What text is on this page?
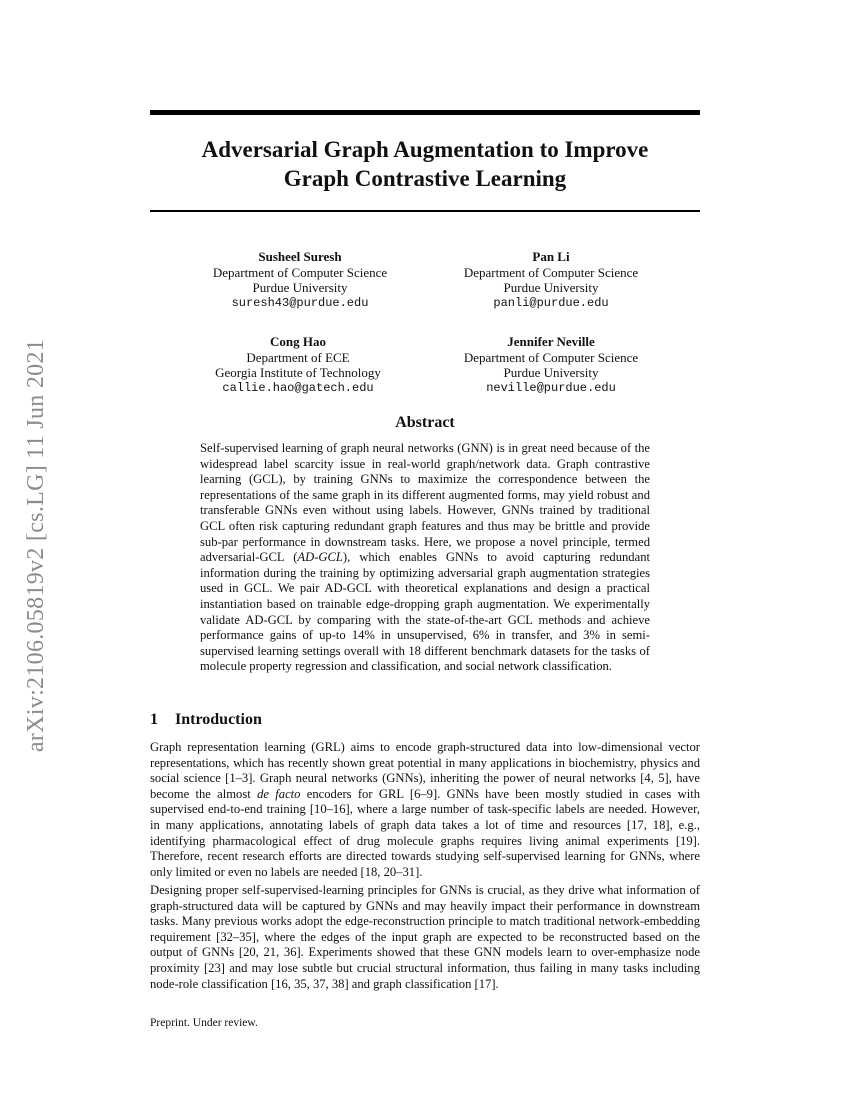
arXiv:2106.05819v2 [cs.LG] 11 Jun 2021
Adversarial Graph Augmentation to Improve
Graph Contrastive Learning
Susheel Suresh
Department of Computer Science
Purdue University
suresh43@purdue.edu
Pan Li
Department of Computer Science
Purdue University
panli@purdue.edu
Cong Hao
Department of ECE
Georgia Institute of Technology
callie.hao@gatech.edu
Jennifer Neville
Department of Computer Science
Purdue University
neville@purdue.edu
Abstract
Self-supervised learning of graph neural networks (GNN) is in great need because of the widespread label scarcity issue in real-world graph/network data. Graph contrastive learning (GCL), by training GNNs to maximize the correspondence between the representations of the same graph in its different augmented forms, may yield robust and transferable GNNs even without using labels. However, GNNs trained by traditional GCL often risk capturing redundant graph features and thus may be brittle and provide sub-par performance in downstream tasks. Here, we propose a novel principle, termed adversarial-GCL (AD-GCL), which enables GNNs to avoid capturing redundant information during the training by optimizing adversarial graph augmentation strategies used in GCL. We pair AD-GCL with theoretical explanations and design a practical instantiation based on trainable edge-dropping graph augmentation. We experimentally validate AD-GCL by comparing with the state-of-the-art GCL methods and achieve performance gains of up-to 14% in unsupervised, 6% in transfer, and 3% in semi-supervised learning settings overall with 18 different benchmark datasets for the tasks of molecule property regression and classification, and social network classification.
1 Introduction
Graph representation learning (GRL) aims to encode graph-structured data into low-dimensional vector representations, which has recently shown great potential in many applications in biochemistry, physics and social science [1–3]. Graph neural networks (GNNs), inheriting the power of neural networks [4, 5], have become the almost de facto encoders for GRL [6–9]. GNNs have been mostly studied in cases with supervised end-to-end training [10–16], where a large number of task-specific labels are needed. However, in many applications, annotating labels of graph data takes a lot of time and resources [17, 18], e.g., identifying pharmacological effect of drug molecule graphs requires living animal experiments [19]. Therefore, recent research efforts are directed towards studying self-supervised learning for GNNs, where only limited or even no labels are needed [18, 20–31].
Designing proper self-supervised-learning principles for GNNs is crucial, as they drive what information of graph-structured data will be captured by GNNs and may heavily impact their performance in downstream tasks. Many previous works adopt the edge-reconstruction principle to match traditional network-embedding requirement [32–35], where the edges of the input graph are expected to be reconstructed based on the output of GNNs [20, 21, 36]. Experiments showed that these GNN models learn to over-emphasize node proximity [23] and may lose subtle but crucial structural information, thus failing in many tasks including node-role classification [16, 35, 37, 38] and graph classification [17].
Preprint. Under review.
